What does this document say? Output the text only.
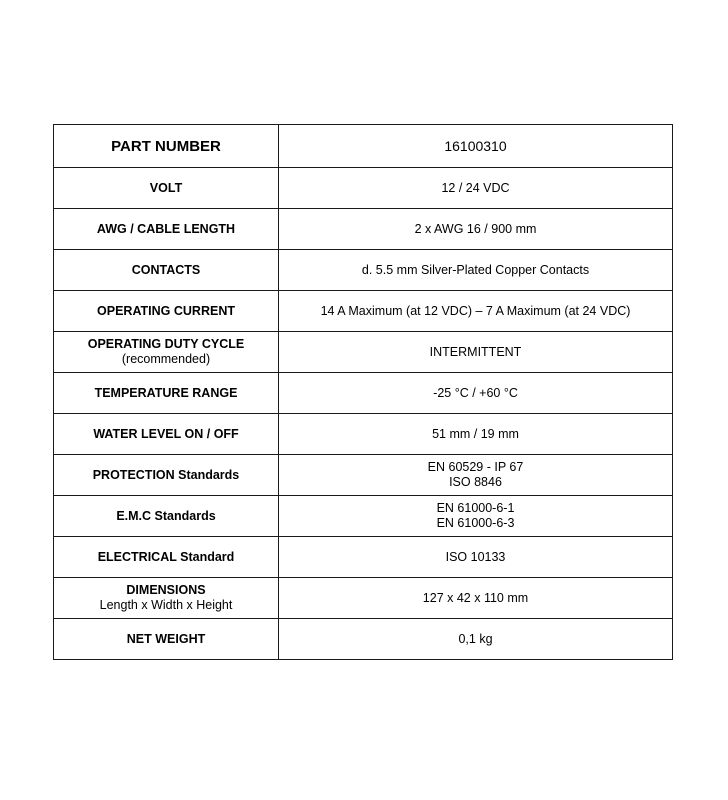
PART NUMBER	16100310
VOLT	12 / 24 VDC
AWG / CABLE LENGTH	2 x AWG 16 / 900 mm
CONTACTS	d. 5.5 mm Silver-Plated Copper Contacts
OPERATING CURRENT	14 A Maximum (at 12 VDC) – 7 A Maximum (at 24 VDC)

OPERATING DUTY CYCLE
(recommended)	INTERMITTENT
TEMPERATURE RANGE	-25 °C / +60 °C
WATER LEVEL ON / OFF	51 mm / 19 mm
PROTECTION Standards	EN 60529 - IP 67
ISO 8846

E.M.C Standards	EN 61000-6-1
EN 61000-6-3

ELECTRICAL Standard	ISO 10133

DIMENSIONS
Length x Width x Height	127 x 42 x 110 mm
NET WEIGHT	0,1 kg
